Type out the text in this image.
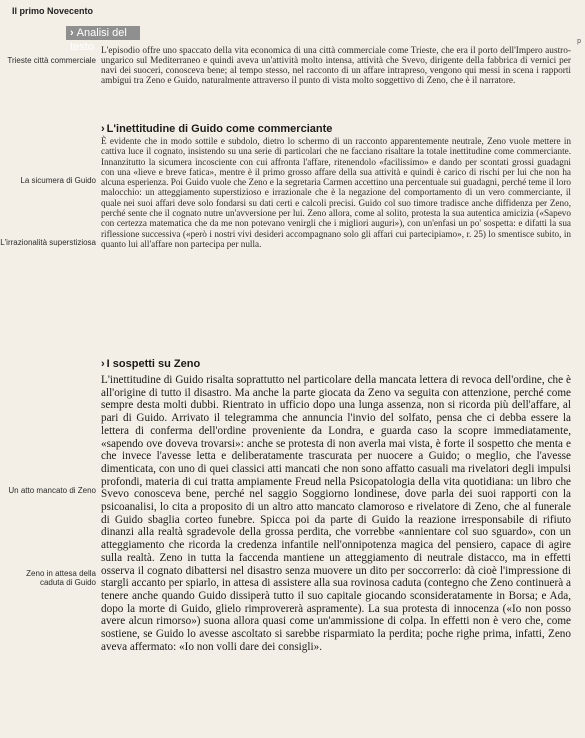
Il primo Novecento
› Analisi del testo	p
Trieste città commerciale

L'episodio offre uno spaccato della vita economica di una città commerciale come Trieste, che era il porto dell'Impero austro-ungarico sul Mediterraneo e quindi aveva un'attività molto intensa, attività che Svevo, dirigente della fabbrica di vernici per navi dei suoceri, conosceva bene; al tempo stesso, nel racconto di un affare intrapreso, vengono qui messi in scena i rapporti ambigui tra Zeno e Guido, naturalmente attraverso il punto di vista molto soggettivo di Zeno, che è il narratore.

› L'inettitudine di Guido come commerciante
La sicumera di Guido
L'irrazionalità superstiziosa

È evidente che in modo sottile e subdolo, dietro lo schermo di un racconto apparentemente neutrale, Zeno vuole mettere in cattiva luce il cognato, insistendo su una serie di particolari che ne facciano risaltare la totale inettitudine come commerciante. Innanzitutto la sicumera incosciente con cui affronta l'affare, ritenendolo «facilissimo» e dando per scontati grossi guadagni con una «lieve e breve fatica», mentre è il primo grosso affare della sua attività e quindi è carico di rischi per lui che non ha alcuna esperienza. Poi Guido vuole che Zeno e la segretaria Carmen accettino una percentuale sui guadagni, perché teme il loro malocchio: un atteggiamento superstizioso e irrazionale che è la negazione del comportamento di un vero commerciante, il quale nei suoi affari deve solo fondarsi su dati certi e calcoli precisi. Guido col suo timore tradisce anche diffidenza per Zeno, perché sente che il cognato nutre un'avversione per lui. Zeno allora, come al solito, protesta la sua autentica amicizia («Sapevo con certezza matematica che da me non potevano venirgli che i migliori auguri»), con un'enfasi un po' sospetta: e difatti la sua riflessione successiva («però i nostri vivi desideri accompagnano solo gli affari cui partecipiamo», r. 25) lo smentisce subito, in quanto lui all'affare non partecipa per nulla.

› I sospetti su Zeno
Un atto mancato di Zeno
Zeno in attesa della caduta di Guido

L'inettitudine di Guido risalta soprattutto nel particolare della mancata lettera di revoca dell'ordine, che è all'origine di tutto il disastro. Ma anche la parte giocata da Zeno va seguita con attenzione, perché come sempre desta molti dubbi. Rientrato in ufficio dopo una lunga assenza, non si ricorda più dell'affare, al pari di Guido. Arrivato il telegramma che annuncia l'invio del solfato, pensa che ci debba essere la lettera di conferma dell'ordine proveniente da Londra, e guarda caso la scopre immediatamente, «sapendo ove doveva trovarsi»: anche se protesta di non averla mai vista, è forte il sospetto che menta e che invece l'avesse letta e deliberatamente trascurata per nuocere a Guido; o meglio, che l'avesse dimenticata, con uno di quei classici atti mancati che non sono affatto casuali ma rivelatori degli impulsi profondi, materia di cui tratta ampiamente Freud nella Psicopatologia della vita quotidiana: un libro che Svevo conosceva bene, perché nel saggio Soggiorno londinese, dove parla dei suoi rapporti con la psicoanalisi, lo cita a proposito di un altro atto mancato clamoroso e rivelatore di Zeno, che al funerale di Guido sbaglia corteo funebre. Spicca poi da parte di Guido la reazione irresponsabile di rifiuto dinanzi alla realtà sgradevole della grossa perdita, che vorrebbe «annientare col suo sguardo», con un atteggiamento che ricorda la credenza infantile nell'onnipotenza magica del pensiero, capace di agire sulla realtà. Zeno in tutta la faccenda mantiene un atteggiamento di neutrale distacco, ma in effetti osserva il cognato dibattersi nel disastro senza muovere un dito per soccorrerlo: dà cioè l'impressione di stargli accanto per spiarlo, in attesa di assistere alla sua rovinosa caduta (contegno che Zeno continuerà a tenere anche quando Guido dissiperà tutto il suo capitale giocando sconsideratamente in Borsa; e Ada, dopo la morte di Guido, glielo rimprovererà aspramente). La sua protesta di innocenza («Io non posso avere alcun rimorso») suona allora quasi come un'ammissione di colpa. In effetti non è vero che, come sostiene, se Guido lo avesse ascoltato si sarebbe risparmiato la perdita; poche righe prima, infatti, Zeno aveva affermato: «Io non volli dare dei consigli».
